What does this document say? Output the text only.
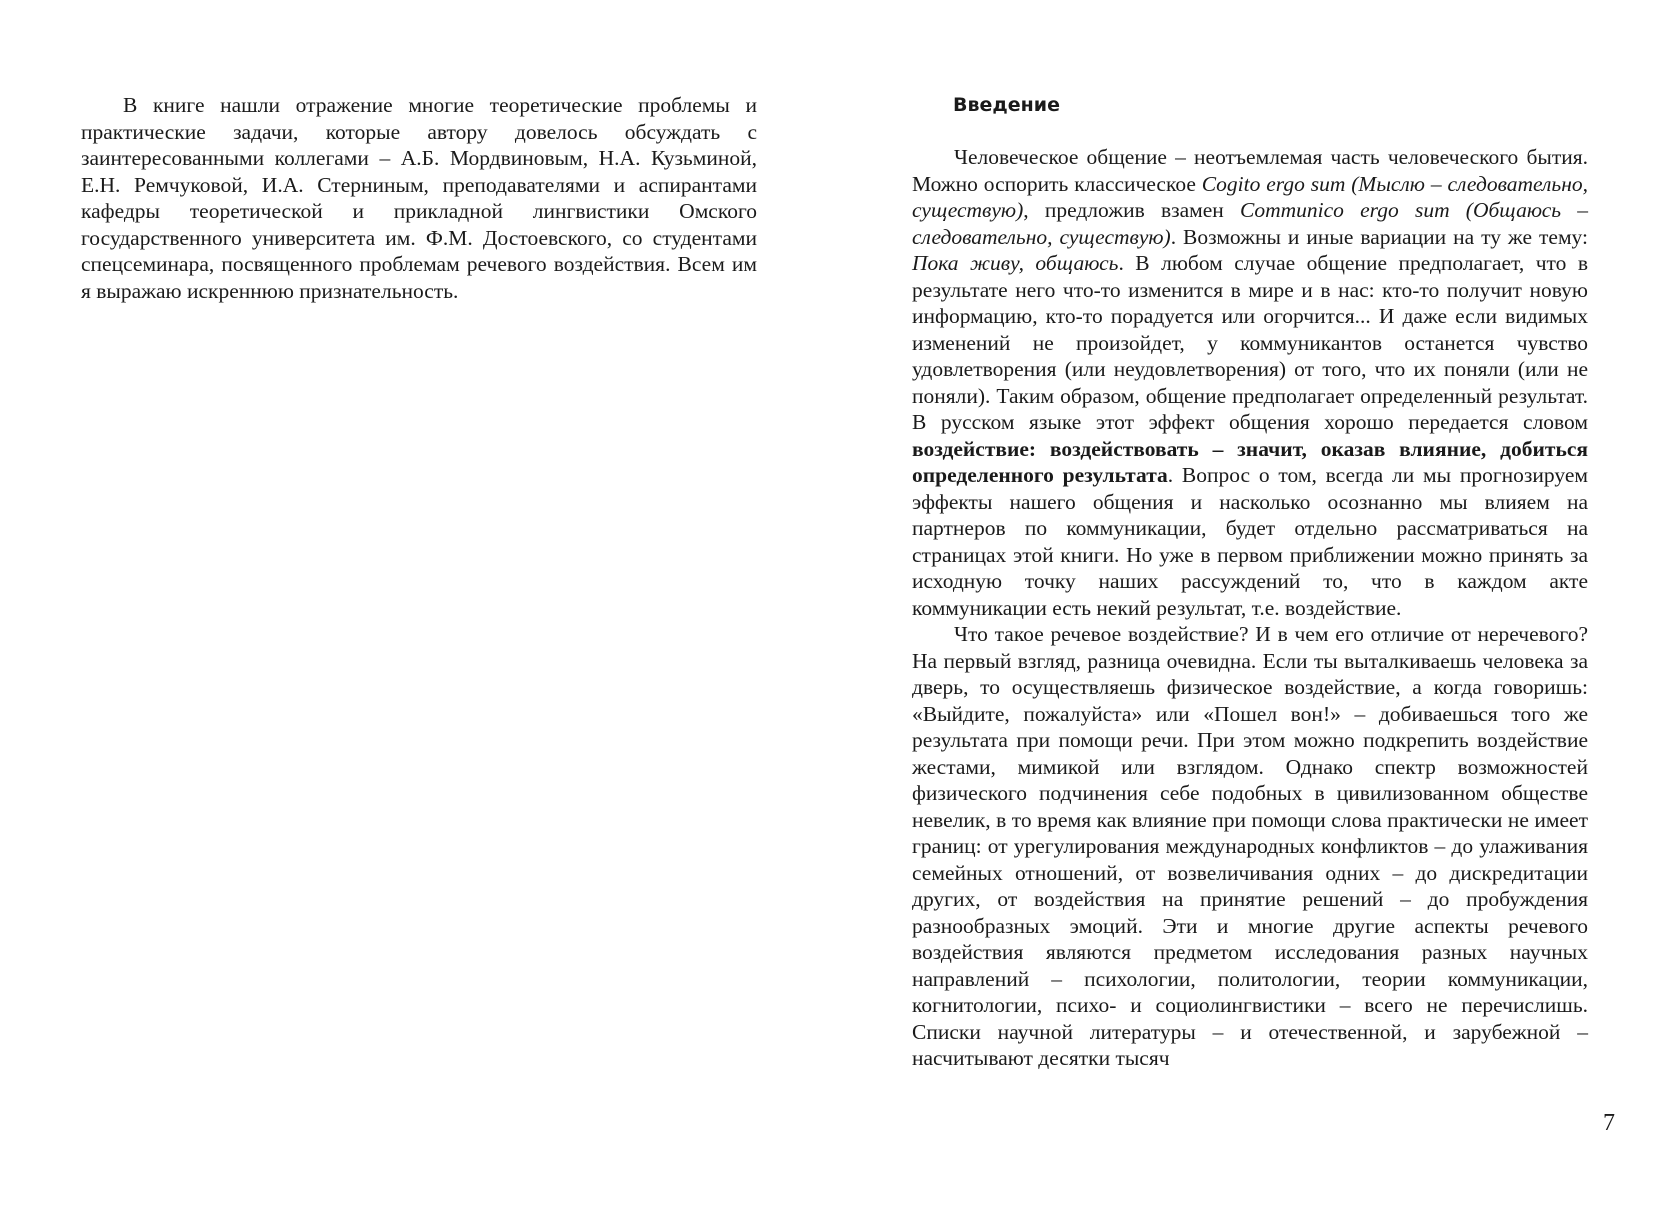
В книге нашли отражение многие теоретические проблемы и практические задачи, которые автору довелось обсуждать с заинтересованными коллегами – А.Б. Мордвиновым, Н.А. Кузьминой, Е.Н. Ремчуковой, И.А. Стерниным, преподавателями и аспирантами кафедры теоретической и прикладной лингвистики Омского государственного университета им. Ф.М. Достоевского, со студентами спецсеминара, посвященного проблемам речевого воздействия. Всем им я выражаю искреннюю признательность.

Введение

Человеческое общение – неотъемлемая часть человеческого бытия. Можно оспорить классическое Cogito ergo sum (Мыслю – следовательно, существую), предложив взамен Communico ergo sum (Общаюсь – следовательно, существую). Возможны и иные вариации на ту же тему: Пока живу, общаюсь. В любом случае общение предполагает, что в результате него что-то изменится в мире и в нас: кто-то получит новую информацию, кто-то порадуется или огорчится... И даже если видимых изменений не произойдет, у коммуникантов останется чувство удовлетворения (или неудовлетворения) от того, что их поняли (или не поняли). Таким образом, общение предполагает определенный результат. В русском языке этот эффект общения хорошо передается словом воздействие: воздействовать – значит, оказав влияние, добиться определенного результата. Вопрос о том, всегда ли мы прогнозируем эффекты нашего общения и насколько осознанно мы влияем на партнеров по коммуникации, будет отдельно рассматриваться на страницах этой книги. Но уже в первом приближении можно принять за исходную точку наших рассуждений то, что в каждом акте коммуникации есть некий результат, т.е. воздействие.

Что такое речевое воздействие? И в чем его отличие от неречевого? На первый взгляд, разница очевидна. Если ты выталкиваешь человека за дверь, то осуществляешь физическое воздействие, а когда говоришь: «Выйдите, пожалуйста» или «Пошел вон!» – добиваешься того же результата при помощи речи. При этом можно подкрепить воздействие жестами, мимикой или взглядом. Однако спектр возможностей физического подчинения себе подобных в цивилизованном обществе невелик, в то время как влияние при помощи слова практически не имеет границ: от урегулирования международных конфликтов – до улаживания семейных отношений, от возвеличивания одних – до дискредитации других, от воздействия на принятие решений – до пробуждения разнообразных эмоций. Эти и многие другие аспекты речевого воздействия являются предметом исследования разных научных направлений – психологии, политологии, теории коммуникации, когнитологии, психо- и социолингвистики – всего не перечислишь. Списки научной литературы – и отечественной, и зарубежной – насчитывают десятки тысяч

7
